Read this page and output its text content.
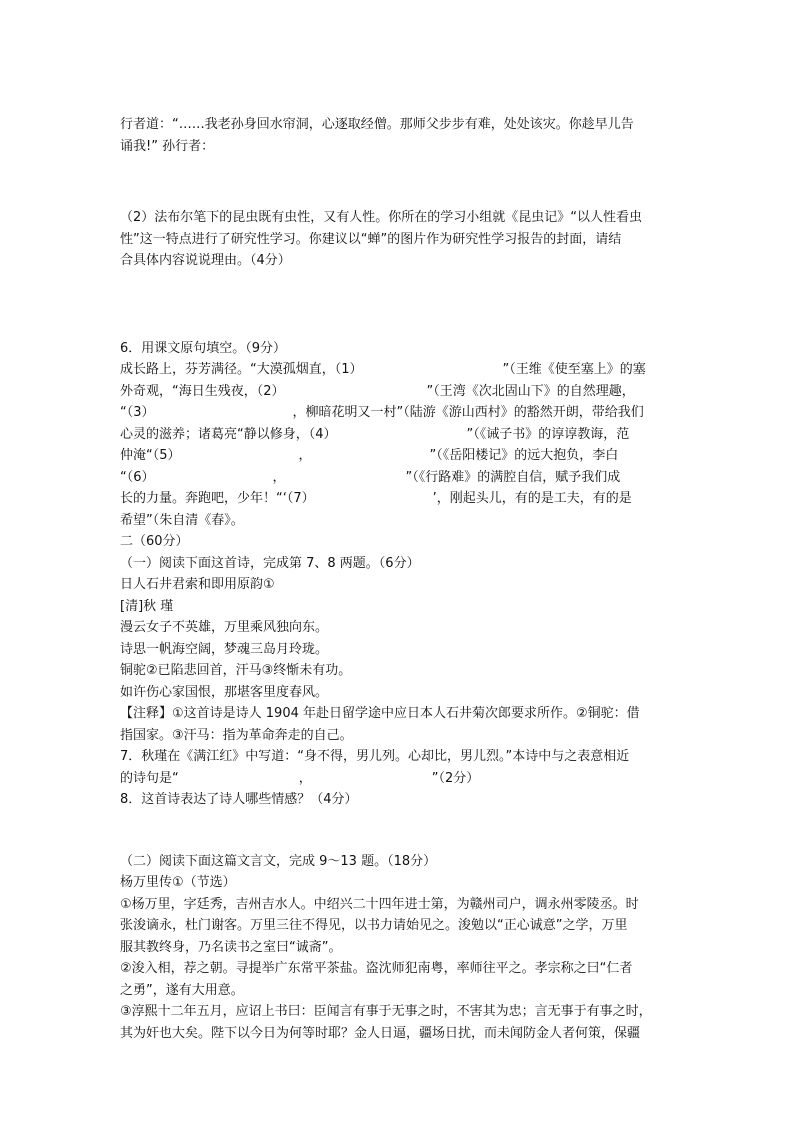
行者道：“……我老孙身回水帘洞，心逐取经僧。那师父步步有难，处处该灾。你趁早儿告

诵我!” 孙行者：

（2）法布尔笔下的昆虫既有虫性，又有人性。你所在的学习小组就《昆虫记》“以人性看虫

性”这一特点进行了研究性学习。你建议以“蝉”的图片作为研究性学习报告的封面，请结

合具体内容说说理由。（4分）

6．用课文原句填空。（9分）

成长路上，芬芳满径。“大漠孤烟直，（1）	”（王维《使至塞上》的塞

外奇观，“海日生残夜，（2）	”（王湾《次北固山下》的自然理趣，

“（3）	，柳暗花明又一村”（陆游《游山西村》的豁然开朗，带给我们

心灵的滋养；诸葛亮“静以修身，（4）	”（《诫子书》的谆谆教诲，范

仲淹“（5）	，	”（《岳阳楼记》的远大抱负，李白

“（6）	，	”（《行路难》的满腔自信，赋予我们成

长的力量。奔跑吧，少年！“‘（7）	’，刚起头儿，有的是工夫，有的是

希望”（朱自清《春》。

二（60分）

（一）阅读下面这首诗，完成第 7、8 两题。（6分）

日人石井君索和即用原韵①

[清]秋 瑾

漫云女子不英雄，万里乘风独向东。

诗思一帆海空阔，梦魂三岛月玲珑。

铜驼②已陷悲回首，汗马③终惭未有功。

如许伤心家国恨，那堪客里度春风。

【注释】①这首诗是诗人 1904 年赴日留学途中应日本人石井菊次郎要求所作。②铜驼：借

指国家。③汗马：指为革命奔走的自己。

7．秋瑾在《满江红》中写道：“身不得，男儿列。心却比，男儿烈。”本诗中与之表意相近

的诗句是“	，	”（2分）

8．这首诗表达了诗人哪些情感？（4分）

（二）阅读下面这篇文言文，完成 9～13 题。（18分）

杨万里传①（节选）

①杨万里，字廷秀，吉州吉水人。中绍兴二十四年进士第，为赣州司户，调永州零陵丞。时

张浚谪永，杜门谢客。万里三往不得见，以书力请始见之。浚勉以“正心诚意”之学，万里

服其教终身，乃名读书之室曰“诚斋”。

②浚入相，荐之朝。寻提举广东常平茶盐。盗沈师犯南粤，率师往平之。孝宗称之曰“仁者

之勇”，遂有大用意。

③淳熙十二年五月，应诏上书曰：臣闻言有事于无事之时，不害其为忠；言无事于有事之时，

其为奸也大矣。陛下以今日为何等时耶？金人日逼，疆场日扰，而未闻防金人者何策，保疆
